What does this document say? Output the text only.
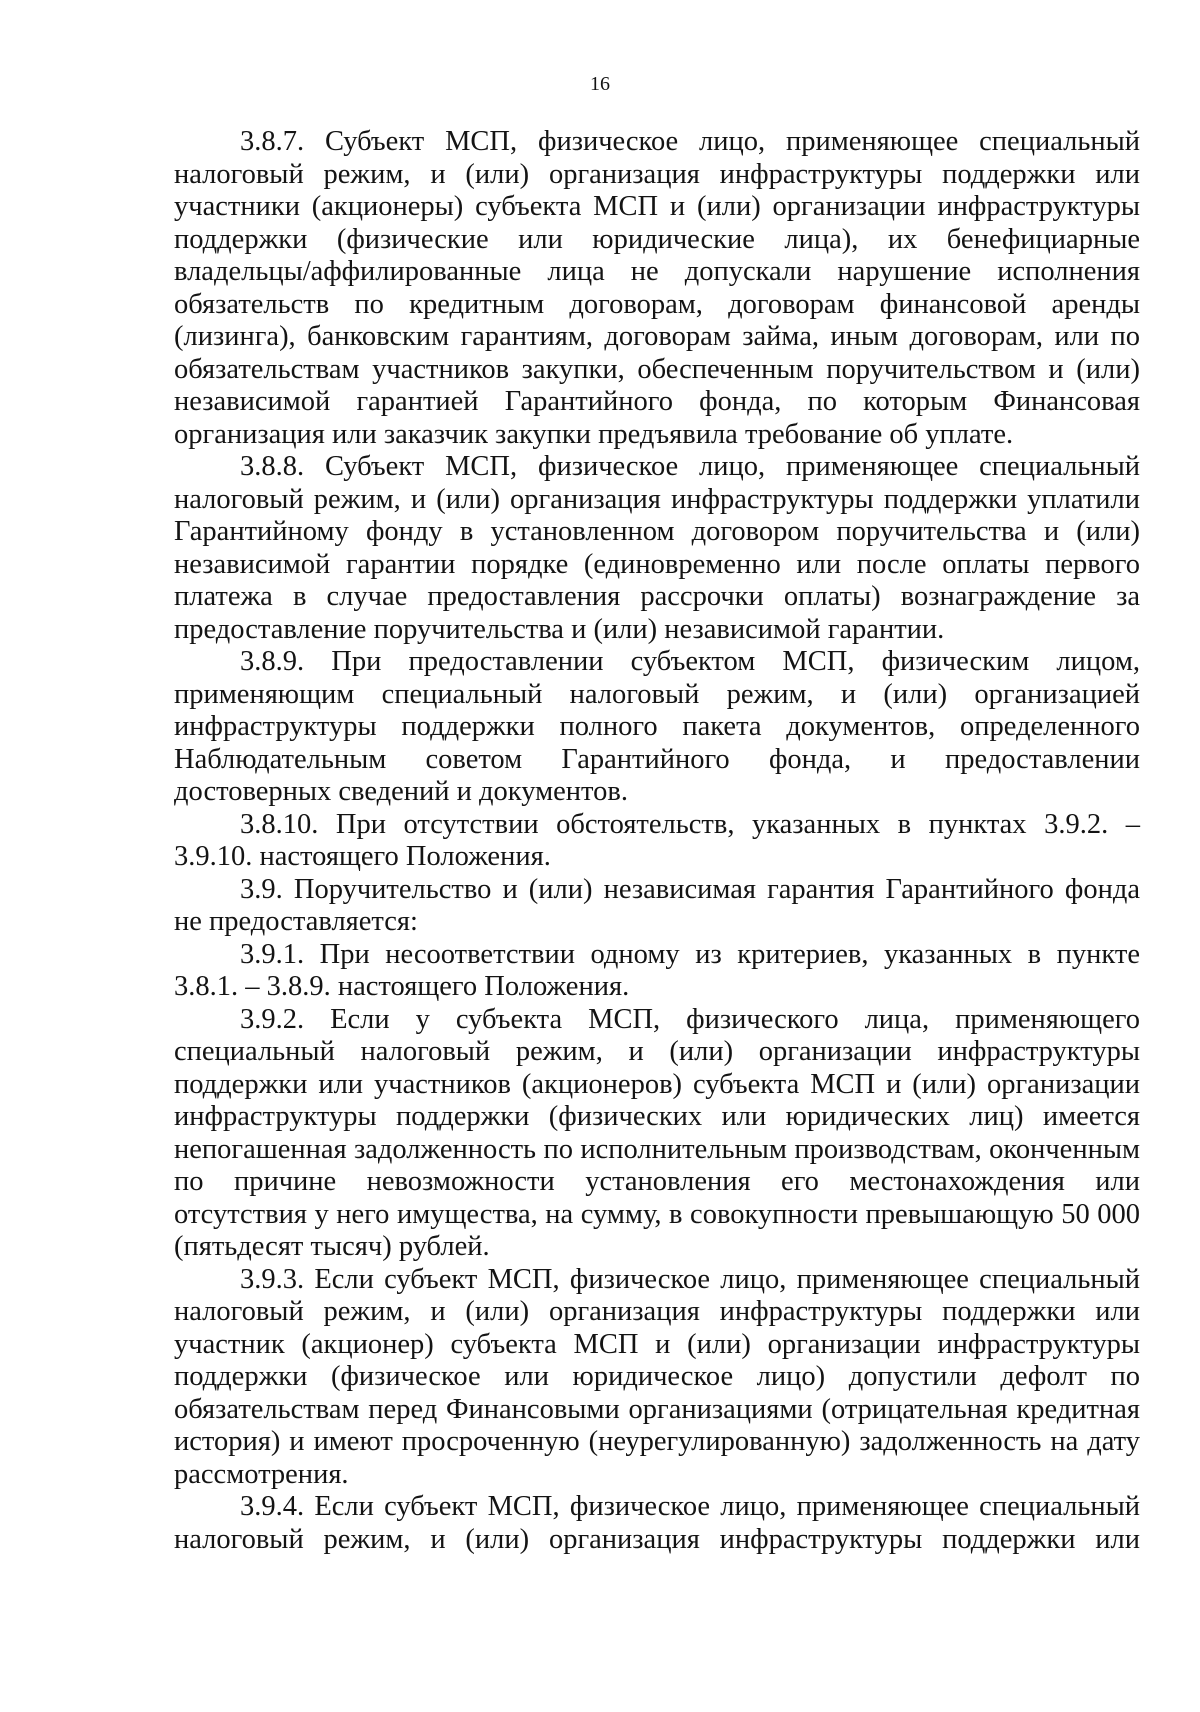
16

3.8.7. Субъект МСП, физическое лицо, применяющее специальный налоговый режим, и (или) организация инфраструктуры поддержки или участники (акционеры) субъекта МСП и (или) организации инфраструктуры поддержки (физические или юридические лица), их бенефициарные владельцы/аффилированные лица не допускали нарушение исполнения обязательств по кредитным договорам, договорам финансовой аренды (лизинга), банковским гарантиям, договорам займа, иным договорам, или по обязательствам участников закупки, обеспеченным поручительством и (или) независимой гарантией Гарантийного фонда, по которым Финансовая организация или заказчик закупки предъявила требование об уплате.

3.8.8. Субъект МСП, физическое лицо, применяющее специальный налоговый режим, и (или) организация инфраструктуры поддержки уплатили Гарантийному фонду в установленном договором поручительства и (или) независимой гарантии порядке (единовременно или после оплаты первого платежа в случае предоставления рассрочки оплаты) вознаграждение за предоставление поручительства и (или) независимой гарантии.

3.8.9. При предоставлении субъектом МСП, физическим лицом, применяющим специальный налоговый режим, и (или) организацией инфраструктуры поддержки полного пакета документов, определенного Наблюдательным советом Гарантийного фонда, и предоставлении достоверных сведений и документов.

3.8.10. При отсутствии обстоятельств, указанных в пунктах 3.9.2. – 3.9.10. настоящего Положения.

3.9. Поручительство и (или) независимая гарантия Гарантийного фонда не предоставляется:

3.9.1. При несоответствии одному из критериев, указанных в пункте 3.8.1. – 3.8.9. настоящего Положения.

3.9.2. Если у субъекта МСП, физического лица, применяющего специальный налоговый режим, и (или) организации инфраструктуры поддержки или участников (акционеров) субъекта МСП и (или) организации инфраструктуры поддержки (физических или юридических лиц) имеется непогашенная задолженность по исполнительным производствам, оконченным по причине невозможности установления его местонахождения или отсутствия у него имущества, на сумму, в совокупности превышающую 50 000 (пятьдесят тысяч) рублей.

3.9.3. Если субъект МСП, физическое лицо, применяющее специальный налоговый режим, и (или) организация инфраструктуры поддержки или участник (акционер) субъекта МСП и (или) организации инфраструктуры поддержки (физическое или юридическое лицо) допустили дефолт по обязательствам перед Финансовыми организациями (отрицательная кредитная история) и имеют просроченную (неурегулированную) задолженность на дату рассмотрения.

3.9.4. Если субъект МСП, физическое лицо, применяющее специальный налоговый режим, и (или) организация инфраструктуры поддержки или
